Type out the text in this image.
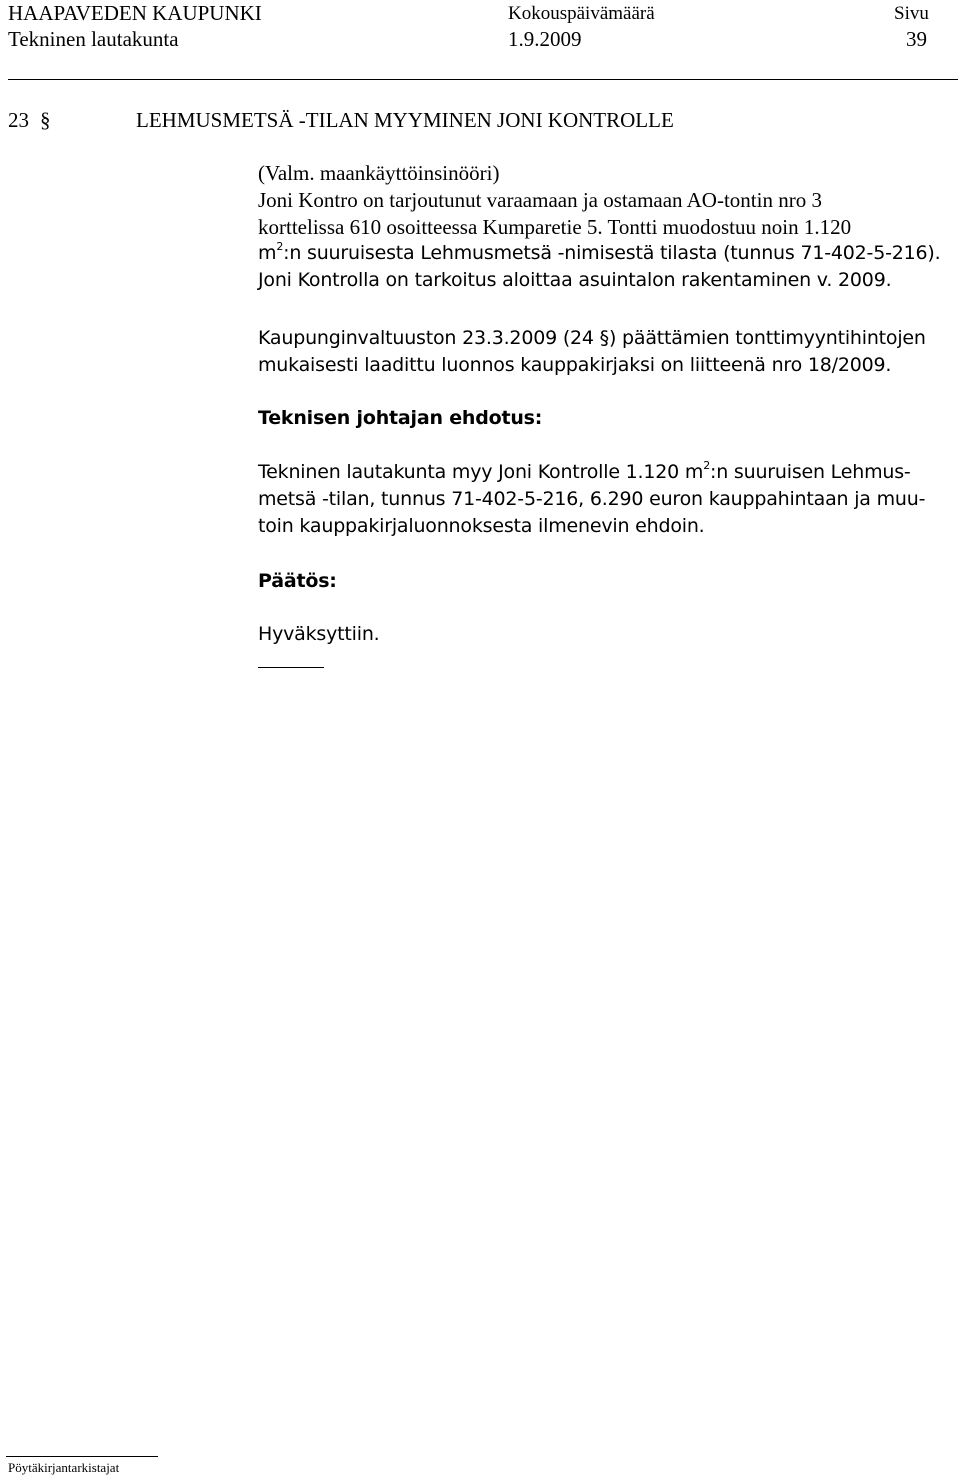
HAAPAVEDEN KAUPUNKI
Tekninen lautakunta
Kokouspäivämäärä
1.9.2009
Sivu
39
23 §	LEHMUSMETSÄ -TILAN MYYMINEN JONI KONTROLLE
(Valm. maankäyttöinsinööri)
Joni Kontro on tarjoutunut varaamaan ja ostamaan AO-tontin nro 3
korttelissa 610 osoitteessa Kumparetie 5. Tontti muodostuu noin 1.120
$m^2:n$ suuruisesta Lehmusmetsä -nimisestä tilasta (tunnus 71-402-5-216).
Joni Kontrolla on tarkoitus aloittaa asuintalon rakentaminen v. 2009.
Kaupunginvaltuuston 23.3.2009 (24 §) päättämien tonttimyyntihintojen
mukaisesti laadittu luonnos kauppakirjaksi on liitteenä nro 18/2009.
Teknisen johtajan ehdotus:
Tekninen lautakunta myy Joni Kontrolle 1.120 $m^2:n$ suuruisen Lehmus-
metsä -tilan, tunnus 71-402-5-216, 6.290 euron kauppahintaan ja muu-
toin kauppakirjaluonnoksesta ilmenevin ehdoin.
Päätös:
Hyväksyttiin.
Pöytäkirjantarkistajat
